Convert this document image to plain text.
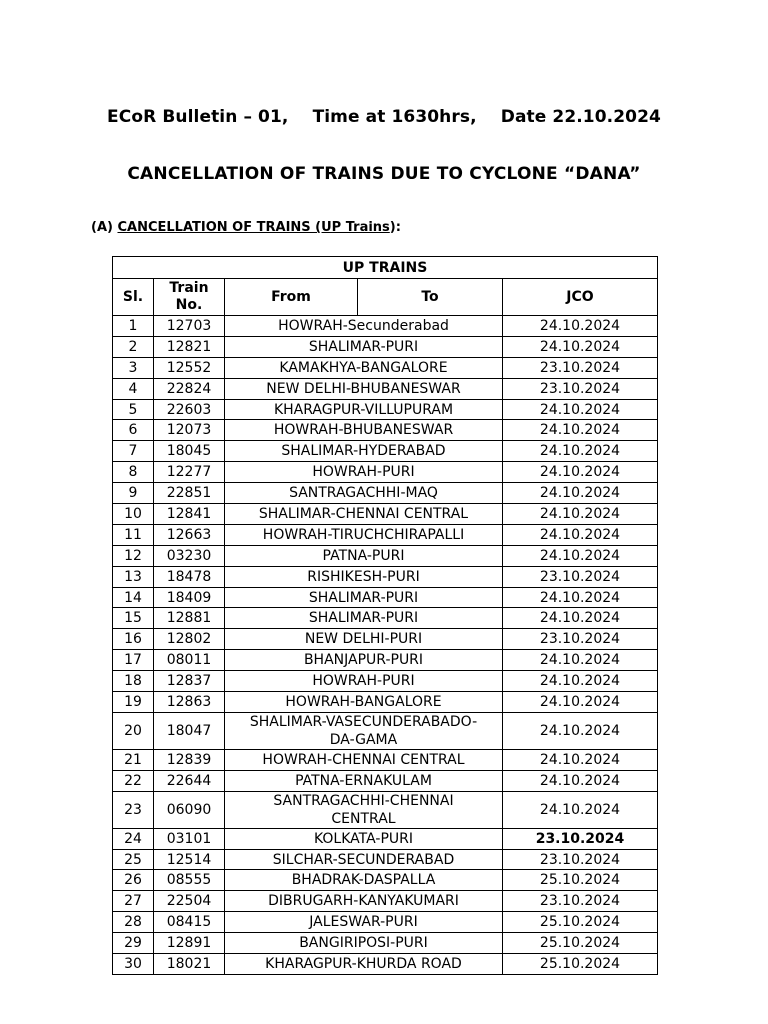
ECoR Bulletin – 01, Time at 1630hrs, Date 22.10.2024
CANCELLATION OF TRAINS DUE TO CYCLONE “DANA”
(A) CANCELLATION OF TRAINS (UP Trains):
UP TRAINS				
Sl.	Train No.	From	To	JCO
1	12703	HOWRAH-Secunderabad		24.10.2024
2	12821	SHALIMAR-PURI		24.10.2024
3	12552	KAMAKHYA-BANGALORE		23.10.2024
4	22824	NEW DELHI-BHUBANESWAR		23.10.2024
5	22603	KHARAGPUR-VILLUPURAM		24.10.2024
6	12073	HOWRAH-BHUBANESWAR		24.10.2024
7	18045	SHALIMAR-HYDERABAD		24.10.2024
8	12277	HOWRAH-PURI		24.10.2024
9	22851	SANTRAGACHHI-MAQ		24.10.2024
10	12841	SHALIMAR-CHENNAI CENTRAL		24.10.2024
11	12663	HOWRAH-TIRUCHCHIRAPALLI		24.10.2024
12	03230	PATNA-PURI		24.10.2024
13	18478	RISHIKESH-PURI		23.10.2024
14	18409	SHALIMAR-PURI		24.10.2024
15	12881	SHALIMAR-PURI		24.10.2024
16	12802	NEW DELHI-PURI		23.10.2024
17	08011	BHANJAPUR-PURI		24.10.2024
18	12837	HOWRAH-PURI		24.10.2024
19	12863	HOWRAH-BANGALORE		24.10.2024
20	18047	SHALIMAR-VASECUNDERABADO-
DA-GAMA		24.10.2024
21	12839	HOWRAH-CHENNAI CENTRAL		24.10.2024
22	22644	PATNA-ERNAKULAM		24.10.2024
23	06090	SANTRAGACHHI-CHENNAI
CENTRAL		24.10.2024
24	03101	KOLKATA-PURI		23.10.2024
25	12514	SILCHAR-SECUNDERABAD		23.10.2024
26	08555	BHADRAK-DASPALLA		25.10.2024
27	22504	DIBRUGARH-KANYAKUMARI		23.10.2024
28	08415	JALESWAR-PURI		25.10.2024
29	12891	BANGIRIPOSI-PURI		25.10.2024
30	18021	KHARAGPUR-KHURDA ROAD		25.10.2024
